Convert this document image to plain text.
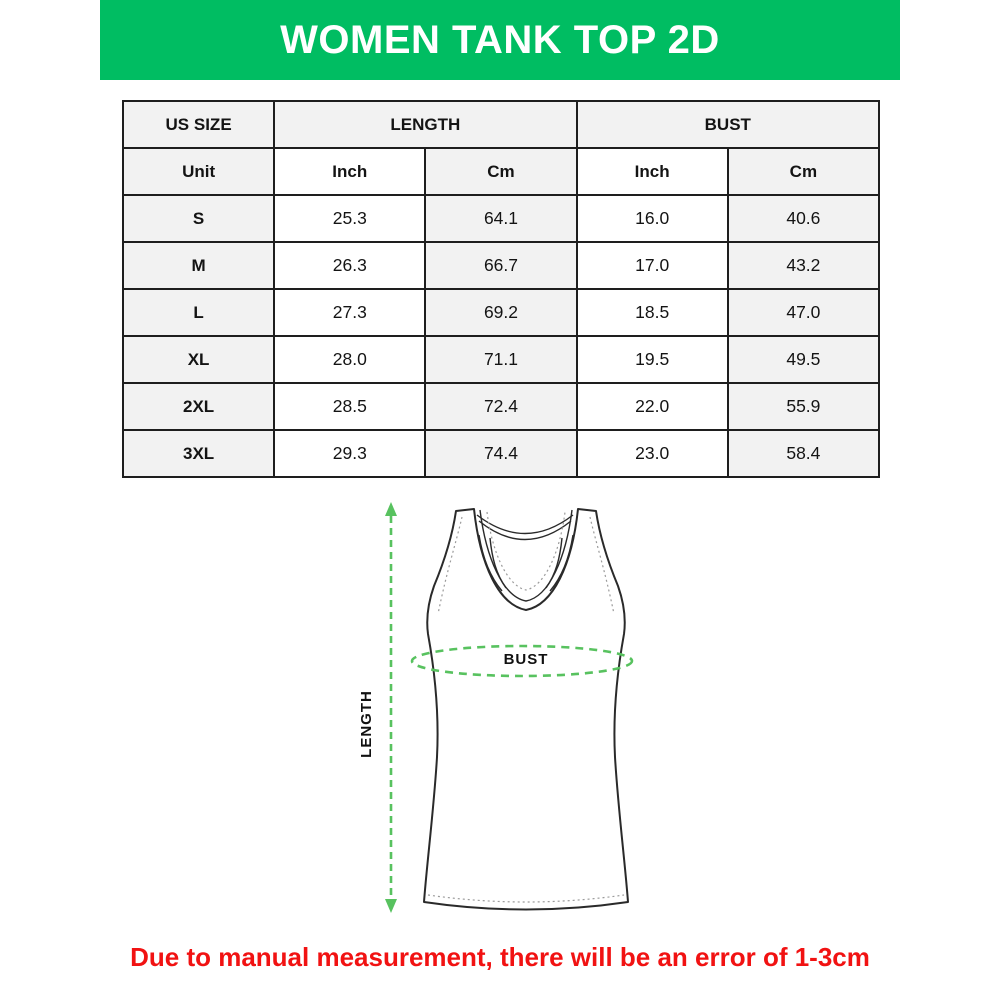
WOMEN TANK TOP 2D
US SIZE	LENGTH		BUST	
Unit	Inch	Cm	Inch	Cm
S	25.3	64.1	16.0	40.6
M	26.3	66.7	17.0	43.2
L	27.3	69.2	18.5	47.0
XL	28.0	71.1	19.5	49.5
2XL	28.5	72.4	22.0	55.9
3XL	29.3	74.4	23.0	58.4
LENGTH
BUST
Due to manual measurement, there will be an error of 1-3cm
